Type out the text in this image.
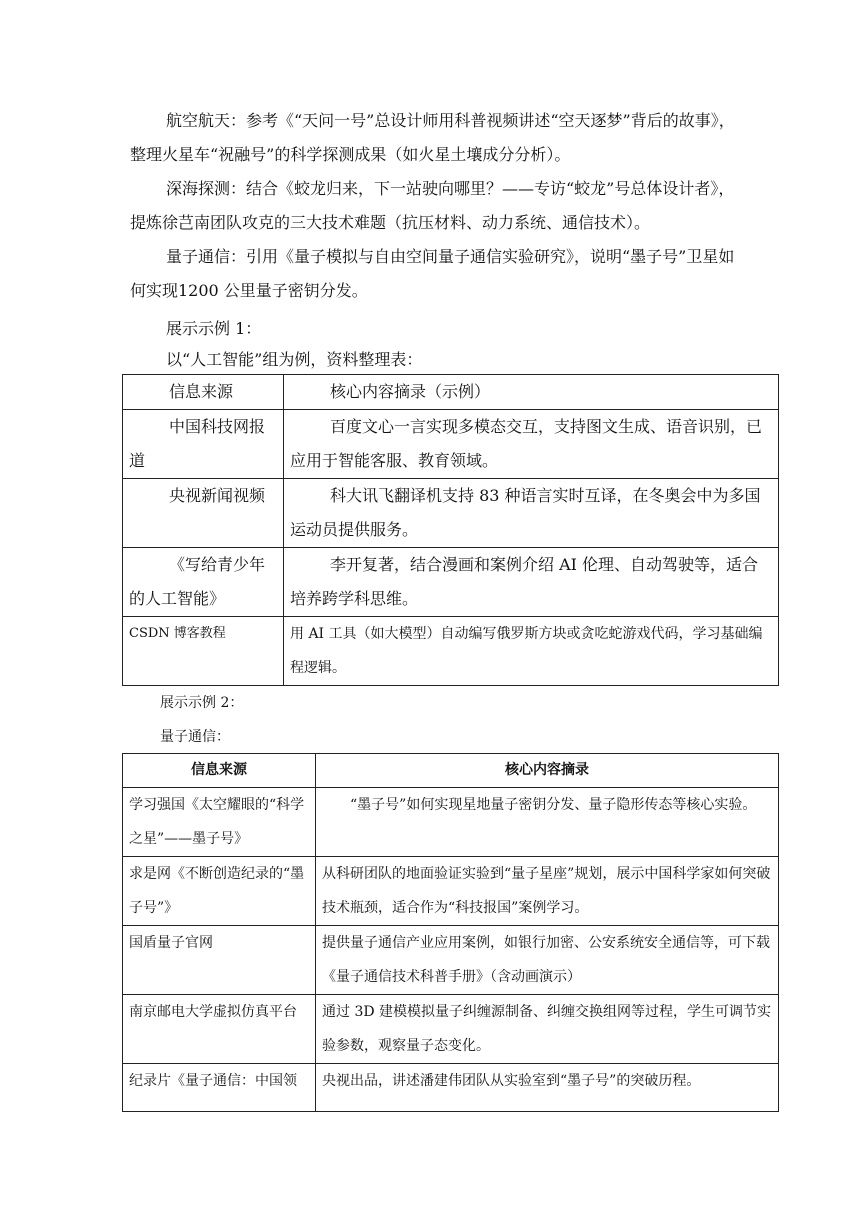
航空航天：参考《“天问一号”总设计师用科普视频讲述“空天逐梦”背后的故事》，整理火星车“祝融号”的科学探测成果（如火星土壤成分分析）。
深海探测：结合《蛟龙归来，下一站驶向哪里？——专访“蛟龙”号总体设计者》，提炼徐芑南团队攻克的三大技术难题（抗压材料、动力系统、通信技术）。
量子通信：引用《量子模拟与自由空间量子通信实验研究》，说明“墨子号”卫星如何实现1200 公里量子密钥分发。
展示示例 1：
以“人工智能”组为例，资料整理表：
信息来源	核心内容摘录（示例）

中国科技网报道	百度文心一言实现多模态交互，支持图文生成、语音识别，已应用于智能客服、教育领域。

央视新闻视频	科大讯飞翻译机支持 83 种语言实时互译，在冬奥会中为多国运动员提供服务。

《写给青少年的人工智能》	李开复著，结合漫画和案例介绍 AI 伦理、自动驾驶等，适合培养跨学科思维。

CSDN 博客教程	用 AI 工具（如大模型）自动编写俄罗斯方块或贪吃蛇游戏代码，学习基础编程逻辑。
展示示例 2：
量子通信：
信息来源	核心内容摘录

学习强国《太空耀眼的“科学之星”——墨子号》	“墨子号”如何实现星地量子密钥分发、量子隐形传态等核心实验。

求是网《不断创造纪录的“墨子号”》	从科研团队的地面验证实验到“量子星座”规划，展示中国科学家如何突破技术瓶颈，适合作为“科技报国”案例学习。

国盾量子官网	提供量子通信产业应用案例，如银行加密、公安系统安全通信等，可下载《量子通信技术科普手册》（含动画演示）

南京邮电大学虚拟仿真平台	通过 3D 建模模拟量子纠缠源制备、纠缠交换组网等过程，学生可调节实验参数，观察量子态变化。

纪录片《量子通信：中国领	央视出品，讲述潘建伟团队从实验室到“墨子号”的突破历程。
